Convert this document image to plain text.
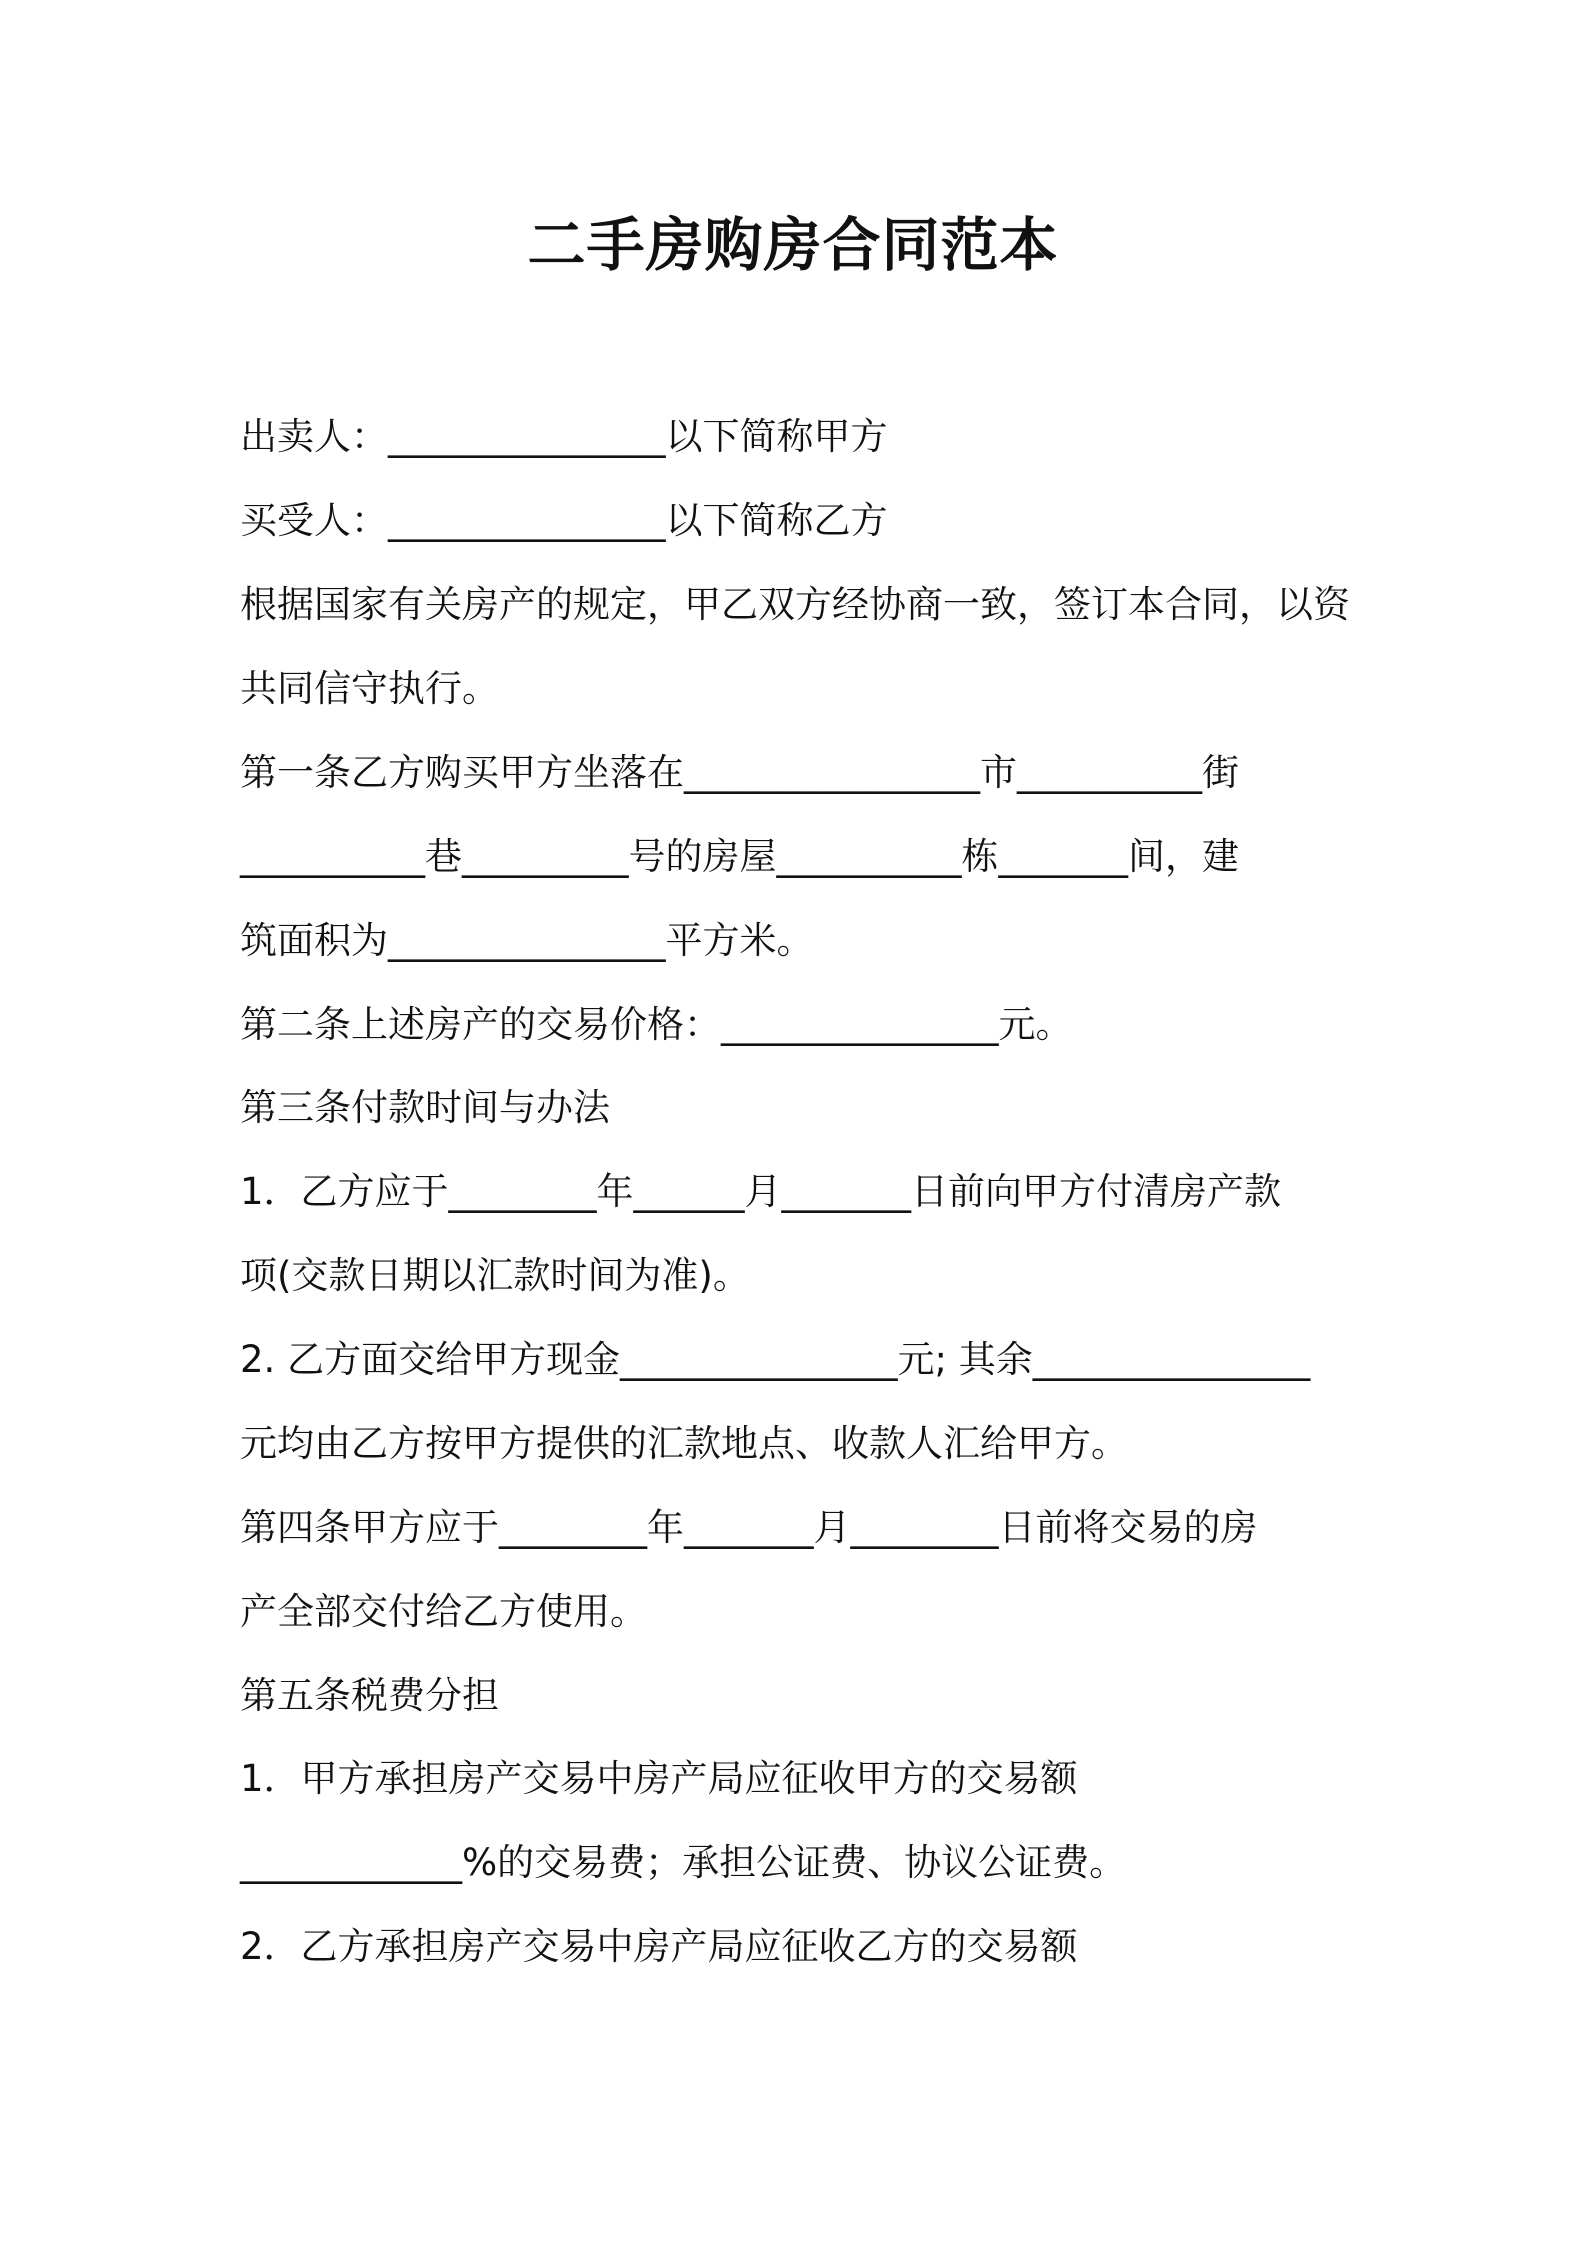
二手房购房合同范本
出卖人：_______________以下简称甲方
买受人：_______________以下简称乙方
根据国家有关房产的规定，甲乙双方经协商一致，签订本合同，以资
共同信守执行。
第一条乙方购买甲方坐落在________________市__________街
__________巷_________号的房屋__________栋_______间，建
筑面积为_______________平方米。
第二条上述房产的交易价格：_______________元。
第三条付款时间与办法
1．乙方应于________年______月_______日前向甲方付清房产款
项(交款日期以汇款时间为准)。
2. 乙方面交给甲方现金_______________元; 其余_______________
元均由乙方按甲方提供的汇款地点、收款人汇给甲方。
第四条甲方应于________年_______月________日前将交易的房
产全部交付给乙方使用。
第五条税费分担
1．甲方承担房产交易中房产局应征收甲方的交易额
____________%的交易费；承担公证费、协议公证费。
2．乙方承担房产交易中房产局应征收乙方的交易额
